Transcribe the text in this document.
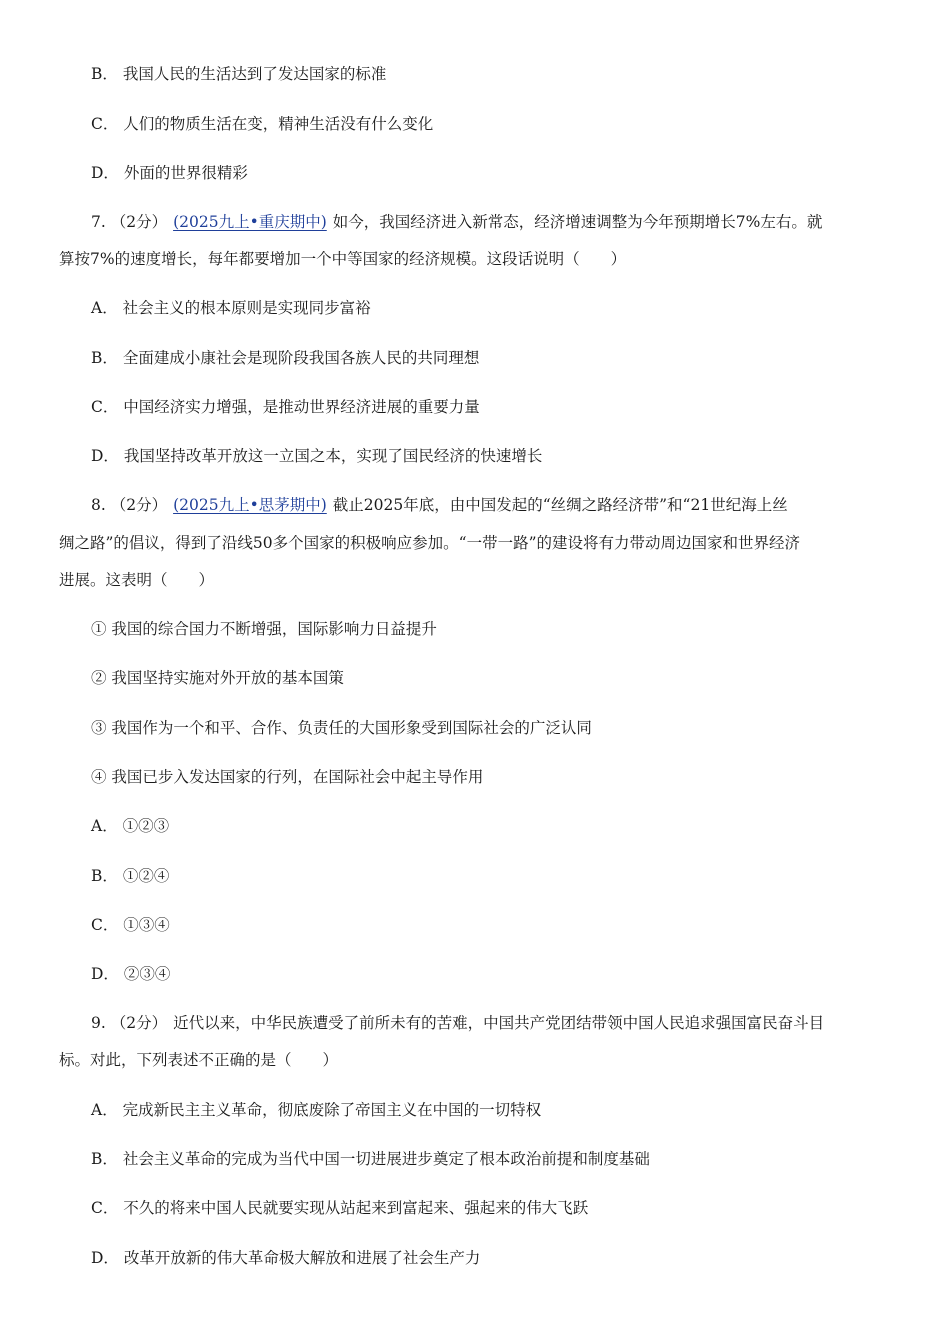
B． 我国人民的生活达到了发达国家的标准
C． 人们的物质生活在变，精神生活没有什么变化
D． 外面的世界很精彩
7. （2分） (2025九上•重庆期中) 如今，我国经济进入新常态，经济增速调整为今年预期增长7%左右。就
算按7%的速度增长，每年都要增加一个中等国家的经济规模。这段话说明（　　）
A． 社会主义的根本原则是实现同步富裕
B． 全面建成小康社会是现阶段我国各族人民的共同理想
C． 中国经济实力增强，是推动世界经济进展的重要力量
D． 我国坚持改革开放这一立国之本，实现了国民经济的快速增长
8. （2分） (2025九上•思茅期中) 截止2025年底，由中国发起的“丝绸之路经济带”和“21世纪海上丝
绸之路”的倡议，得到了沿线50多个国家的积极响应参加。“一带一路”的建设将有力带动周边国家和世界经济
进展。这表明（　　）
① 我国的综合国力不断增强，国际影响力日益提升
② 我国坚持实施对外开放的基本国策
③ 我国作为一个和平、合作、负责任的大国形象受到国际社会的广泛认同
④ 我国已步入发达国家的行列，在国际社会中起主导作用
A． ①②③
B． ①②④
C． ①③④
D． ②③④
9. （2分） 近代以来，中华民族遭受了前所未有的苦难，中国共产党团结带领中国人民追求强国富民奋斗目
标。对此，下列表述不正确的是（　　）
A． 完成新民主主义革命，彻底废除了帝国主义在中国的一切特权
B． 社会主义革命的完成为当代中国一切进展进步奠定了根本政治前提和制度基础
C． 不久的将来中国人民就要实现从站起来到富起来、强起来的伟大飞跃
D． 改革开放新的伟大革命极大解放和进展了社会生产力
